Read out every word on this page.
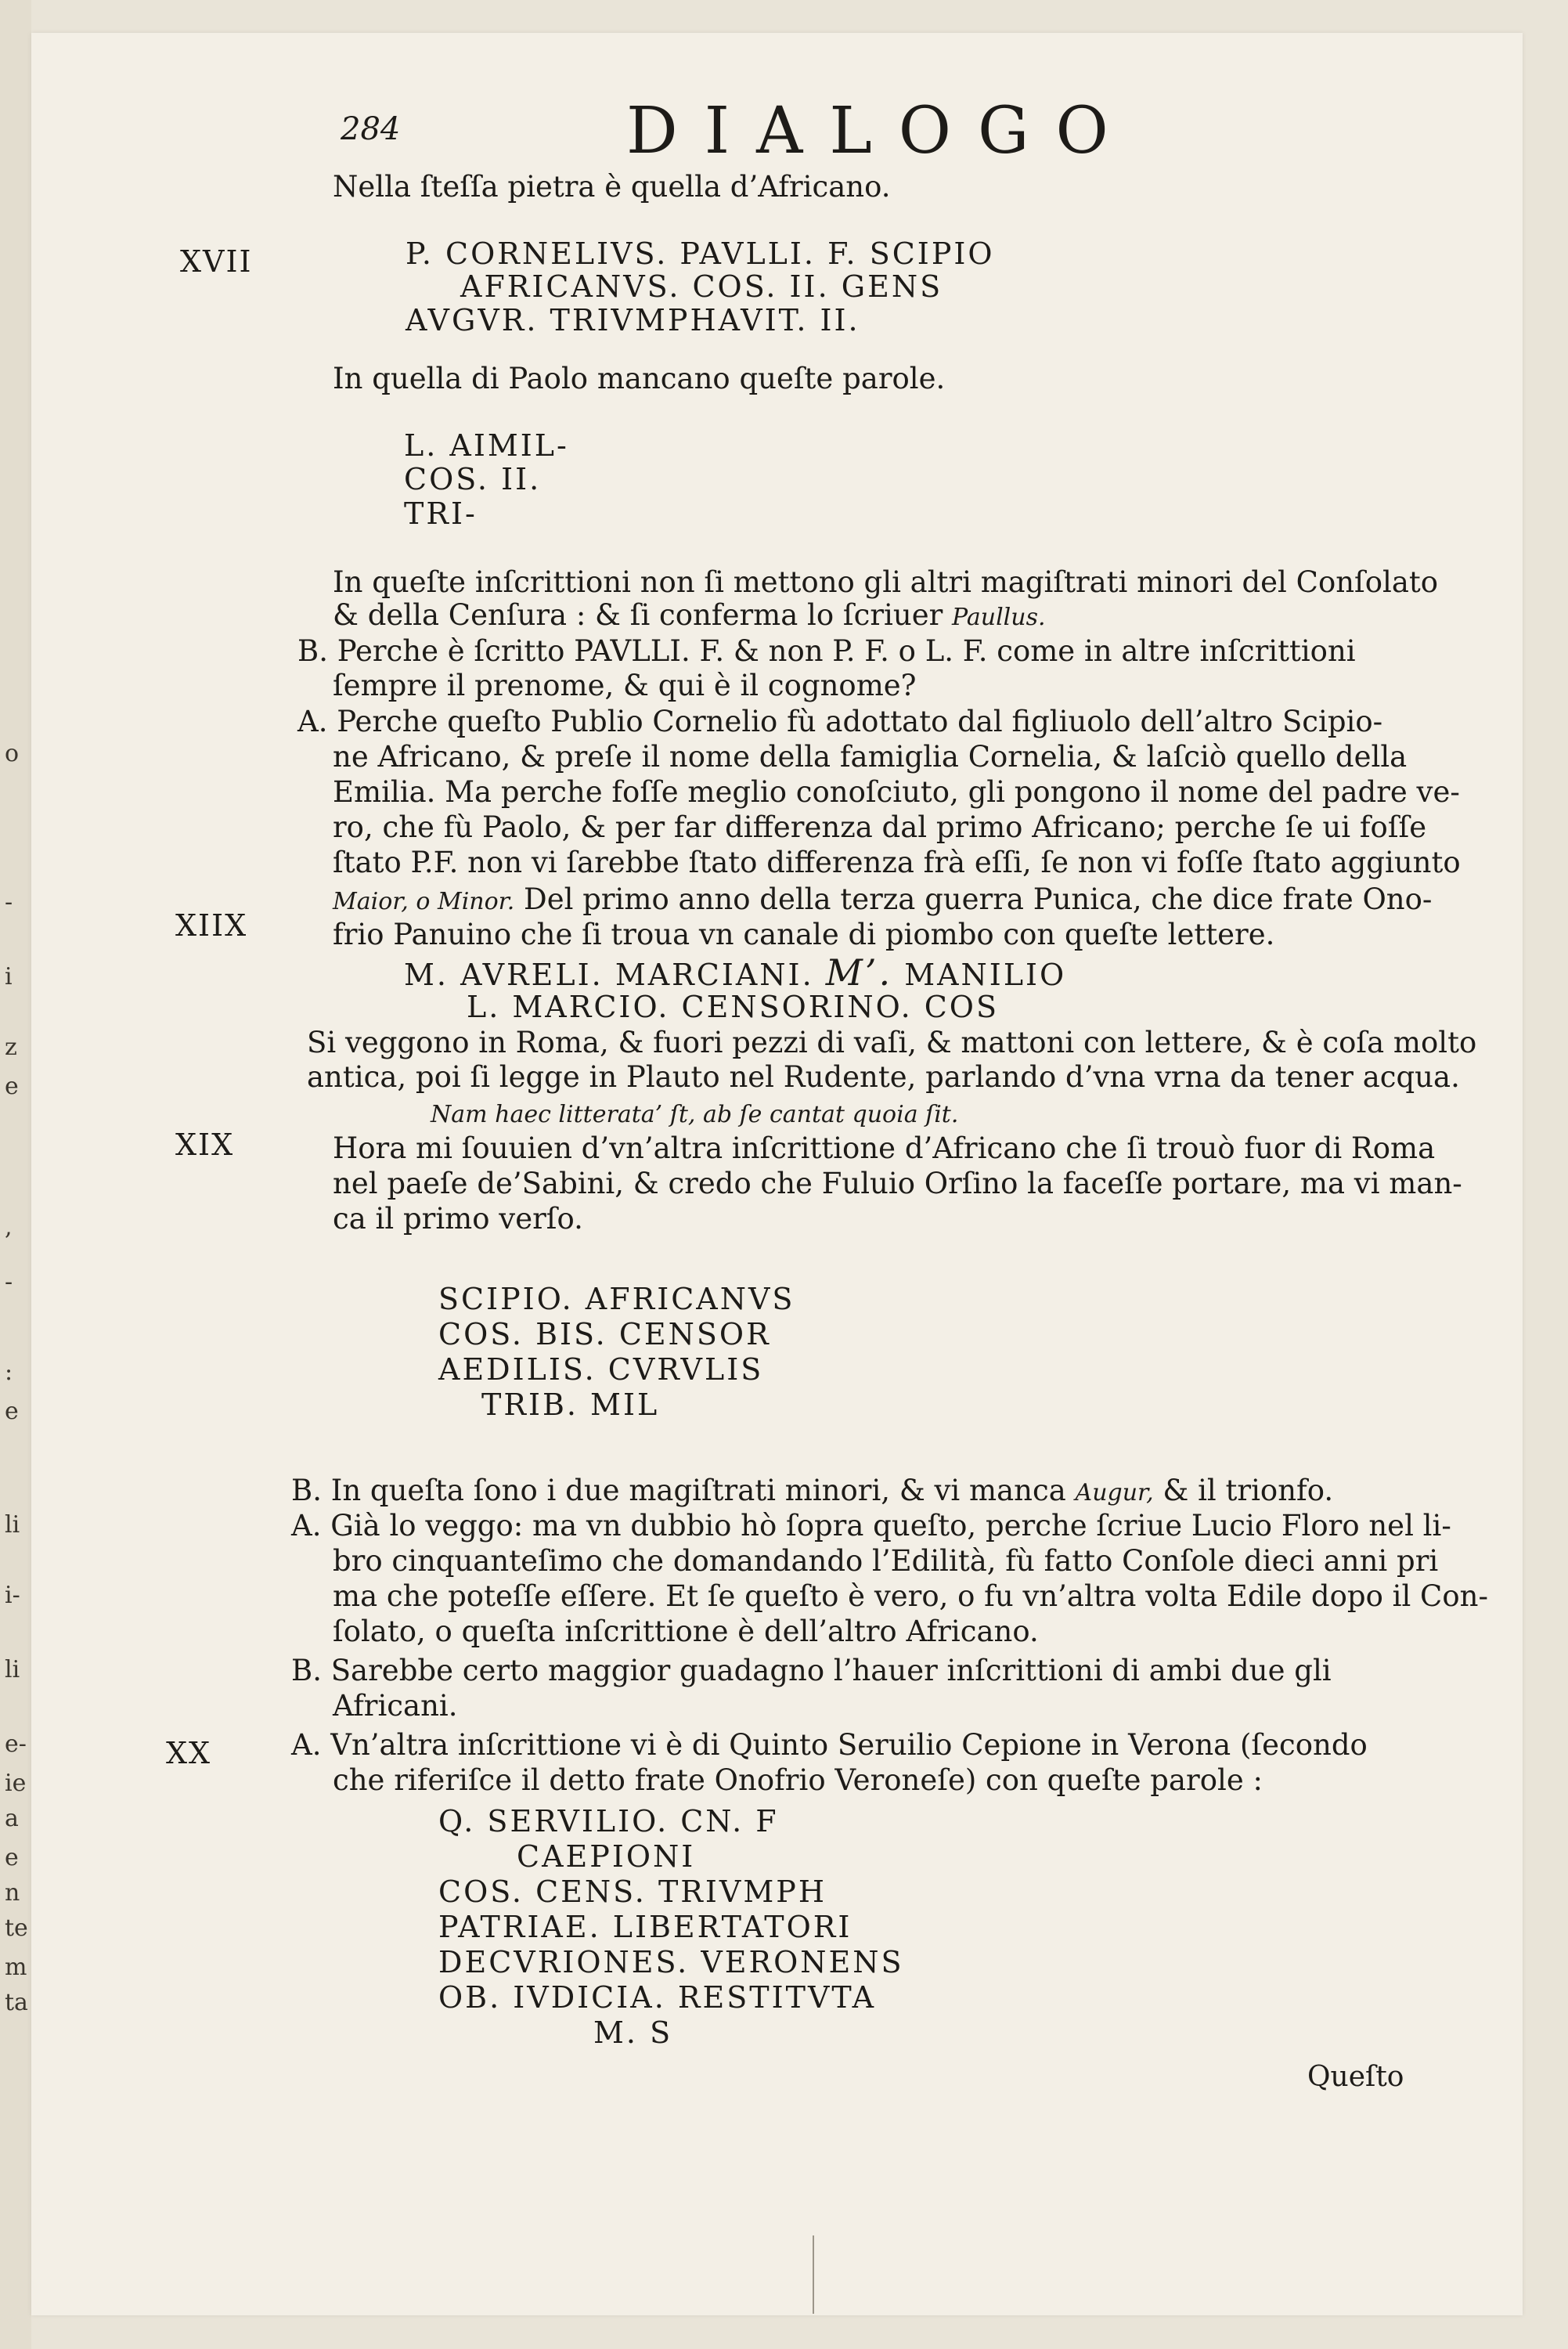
o
-
i
z
e
,
-
:
e
li
i-
li
e-
ie
a
e
n
te
m
ta
284	DIALOGO
XVII
XIIX
XIX
XX
Nella ſteſſa pietra è quella d’Africano.
P. CORNELIVS. PAVLLI. F. SCIPIO
AFRICANVS. COS. II. GENS
AVGVR. TRIVMPHAVIT. II.
In quella di Paolo mancano queſte parole.
L. AIMIL-
COS. II.
TRI-
In queſte inſcrittioni non ſi mettono gli altri magiſtrati minori del Conſolato
& della Cenſura : & ſi conferma lo ſcriuer Paullus.
B. Perche è ſcritto PAVLLI. F. & non P. F. o L. F. come in altre inſcrittioni
ſempre il prenome, & qui è il cognome?
A. Perche queſto Publio Cornelio fù adottato dal figliuolo dell’altro Scipio-
ne Africano, & preſe il nome della famiglia Cornelia, & laſciò quello della
Emilia. Ma perche foſſe meglio conoſciuto, gli pongono il nome del padre ve-
ro, che fù Paolo, & per far differenza dal primo Africano; perche ſe ui foſſe
ſtato P.F. non vi ſarebbe ſtato differenza frà eſſi, ſe non vi foſſe ſtato aggiunto
Maior, o Minor. Del primo anno della terza guerra Punica, che dice frate Ono-
frio Panuino che ſi troua vn canale di piombo con queſte lettere.
M. AVRELI. MARCIANI. M’. MANILIO
L. MARCIO. CENSORINO. COS
Si veggono in Roma, & fuori pezzi di vaſi, & mattoni con lettere, & è coſa molto
antica, poi ſi legge in Plauto nel Rudente, parlando d’vna vrna da tener acqua.
Nam haec litterata’ ſt, ab ſe cantat quoia ſit.
Hora mi ſouuien d’vn’altra inſcrittione d’Africano che ſi trouò fuor di Roma
nel paeſe de’Sabini, & credo che Fuluio Orſino la faceſſe portare, ma vi man-
ca il primo verſo.
SCIPIO. AFRICANVS
COS. BIS. CENSOR
AEDILIS. CVRVLIS
TRIB. MIL
B. In queſta ſono i due magiſtrati minori, & vi manca Augur, & il trionfo.
A. Già lo veggo: ma vn dubbio hò ſopra queſto, perche ſcriue Lucio Floro nel li-
bro cinquanteſimo che domandando l’Edilità, fù fatto Conſole dieci anni pri
ma che poteſſe eſſere. Et ſe queſto è vero, o fu vn’altra volta Edile dopo il Con-
ſolato, o queſta inſcrittione è dell’altro Africano.
B. Sarebbe certo maggior guadagno l’hauer inſcrittioni di ambi due gli
Africani.
A. Vn’altra inſcrittione vi è di Quinto Seruilio Cepione in Verona (ſecondo
che riferiſce il detto frate Onofrio Veroneſe) con queſte parole :
Q. SERVILIO. CN. F
CAEPIONI
COS. CENS. TRIVMPH
PATRIAE. LIBERTATORI
DECVRIONES. VERONENS
OB. IVDICIA. RESTITVTA
M. S
Queſto
